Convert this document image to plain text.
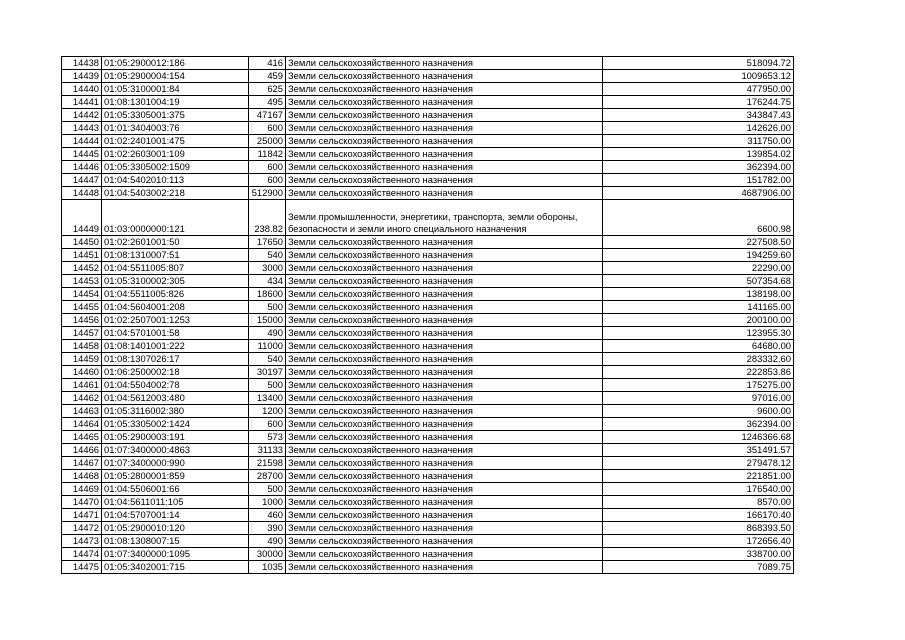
14438	01:05:2900012:186	416	Земли сельскохозяйственного назначения	518094.72
14439	01:05:2900004:154	459	Земли сельскохозяйственного назначения	1009653.12
14440	01:05:3100001:84	625	Земли сельскохозяйственного назначения	477950.00
14441	01:08:1301004:19	495	Земли сельскохозяйственного назначения	176244.75
14442	01:05:3305001:375	47167	Земли сельскохозяйственного назначения	343847.43
14443	01:01:3404003:76	600	Земли сельскохозяйственного назначения	142626.00
14444	01:02:2401001:475	25000	Земли сельскохозяйственного назначения	311750.00
14445	01:02:2603001:109	11842	Земли сельскохозяйственного назначения	139854.02
14446	01:05:3305002:1509	600	Земли сельскохозяйственного назначения	362394.00
14447	01:04:5402010:113	600	Земли сельскохозяйственного назначения	151782.00
14448	01:04:5403002:218	512900	Земли сельскохозяйственного назначения	4687906.00
14449	01:03:0000000:121	238.82	Земли промышленности, энергетики, транспорта, земли обороны, безопасности и земли иного специального назначения	6600.98
14450	01:02:2601001:50	17650	Земли сельскохозяйственного назначения	227508.50
14451	01:08:1310007:51	540	Земли сельскохозяйственного назначения	194259.60
14452	01:04:5511005:807	3000	Земли сельскохозяйственного назначения	22290.00
14453	01:05:3100002:305	434	Земли сельскохозяйственного назначения	507354.68
14454	01:04:5511005:826	18600	Земли сельскохозяйственного назначения	138198.00
14455	01:04:5604001:208	500	Земли сельскохозяйственного назначения	141165.00
14456	01:02:2507001:1253	15000	Земли сельскохозяйственного назначения	200100.00
14457	01:04:5701001:58	490	Земли сельскохозяйственного назначения	123955.30
14458	01:08:1401001:222	11000	Земли сельскохозяйственного назначения	64680.00
14459	01:08:1307026:17	540	Земли сельскохозяйственного назначения	283332.60
14460	01:06:2500002:18	30197	Земли сельскохозяйственного назначения	222853.86
14461	01:04:5504002:78	500	Земли сельскохозяйственного назначения	175275.00
14462	01:04:5612003:480	13400	Земли сельскохозяйственного назначения	97016.00
14463	01:05:3116002:380	1200	Земли сельскохозяйственного назначения	9600.00
14464	01:05:3305002:1424	600	Земли сельскохозяйственного назначения	362394.00
14465	01:05:2900003:191	573	Земли сельскохозяйственного назначения	1246366.68
14466	01:07:3400000:4863	31133	Земли сельскохозяйственного назначения	351491.57
14467	01:07:3400000:990	21598	Земли сельскохозяйственного назначения	279478.12
14468	01:05:2800001:859	28700	Земли сельскохозяйственного назначения	221851.00
14469	01:04:5506001:66	500	Земли сельскохозяйственного назначения	176540.00
14470	01:04:5611011:105	1000	Земли сельскохозяйственного назначения	8570.00
14471	01:04:5707001:14	460	Земли сельскохозяйственного назначения	166170.40
14472	01:05:2900010:120	390	Земли сельскохозяйственного назначения	868393.50
14473	01:08:1308007:15	490	Земли сельскохозяйственного назначения	172656.40
14474	01:07:3400000:1095	30000	Земли сельскохозяйственного назначения	338700.00
14475	01:05:3402001:715	1035	Земли сельскохозяйственного назначения	7089.75
